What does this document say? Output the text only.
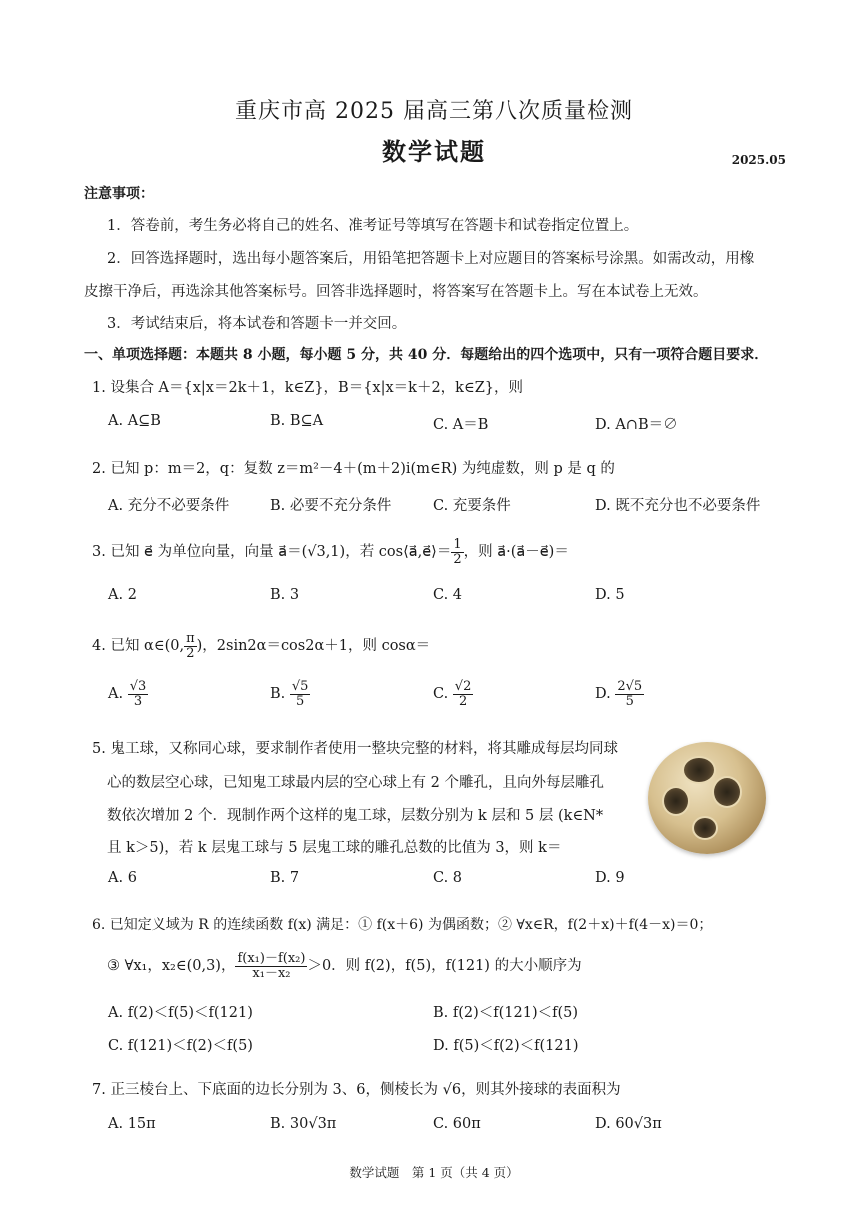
重庆市高 2025 届高三第八次质量检测
数学试题	2025.05
注意事项：
1．答卷前，考生务必将自己的姓名、准考证号等填写在答题卡和试卷指定位置上。
2．回答选择题时，选出每小题答案后，用铅笔把答题卡上对应题目的答案标号涂黑。如需改动，用橡
皮擦干净后，再选涂其他答案标号。回答非选择题时，将答案写在答题卡上。写在本试卷上无效。
3．考试结束后，将本试卷和答题卡一并交回。
一、单项选择题：本题共 8 小题，每小题 5 分，共 40 分．每题给出的四个选项中，只有一项符合题目要求．
1. 设集合 A＝{x|x＝2k＋1，k∈Z}，B＝{x|x＝k＋2，k∈Z}，则
A. A⊆B	B. B⊆A	C. A＝B	D. A∩B＝∅
2. 已知 p：m＝2，q：复数 z＝m²－4＋(m＋2)i(m∈R) 为纯虚数，则 p 是 q 的
A. 充分不必要条件	B. 必要不充分条件	C. 充要条件	D. 既不充分也不必要条件
3. 已知 e⃗ 为单位向量，向量 a⃗＝(√3,1)，若 cos⟨a⃗,e⃗⟩＝ $\frac{1}{2}$ ，则 a⃗·(a⃗－e⃗)＝
A. 2	B. 3	C. 4	D. 5
4. 已知 α∈(0, $\frac{\pi}{2}$ )，2sin2α＝cos2α＋1，则 cosα＝
A. $\frac{√3}{3}$	B. $\frac{√5}{5}$	C. $\frac{√2}{2}$	D. $\frac{2√5}{5}$
5. 鬼工球，又称同心球，要求制作者使用一整块完整的材料，将其雕成每层均同球
心的数层空心球，已知鬼工球最内层的空心球上有 2 个雕孔，且向外每层雕孔
数依次增加 2 个．现制作两个这样的鬼工球，层数分别为 k 层和 5 层 (k∈N*
且 k＞5)，若 k 层鬼工球与 5 层鬼工球的雕孔总数的比值为 3，则 k＝
A. 6	B. 7	C. 8	D. 9
6. 已知定义域为 R 的连续函数 f(x) 满足：① f(x＋6) 为偶函数；② ∀x∈R，f(2＋x)＋f(4－x)＝0；
③ ∀x₁，x₂∈(0,3)， $\frac{\text{f(x₁)－f(x₂)}}{\text{x₁－x₂}} >0$．则 f(2)，f(5)，f(121) 的大小顺序为
A. f(2)＜f(5)＜f(121)	B. f(2)＜f(121)＜f(5)
C. f(121)＜f(2)＜f(5)	D. f(5)＜f(2)＜f(121)
7. 正三棱台上、下底面的边长分别为 3、6，侧棱长为 √6，则其外接球的表面积为
A. 15π	B. 30√3π	C. 60π	D. 60√3π
数学试题　第 1 页（共 4 页）
